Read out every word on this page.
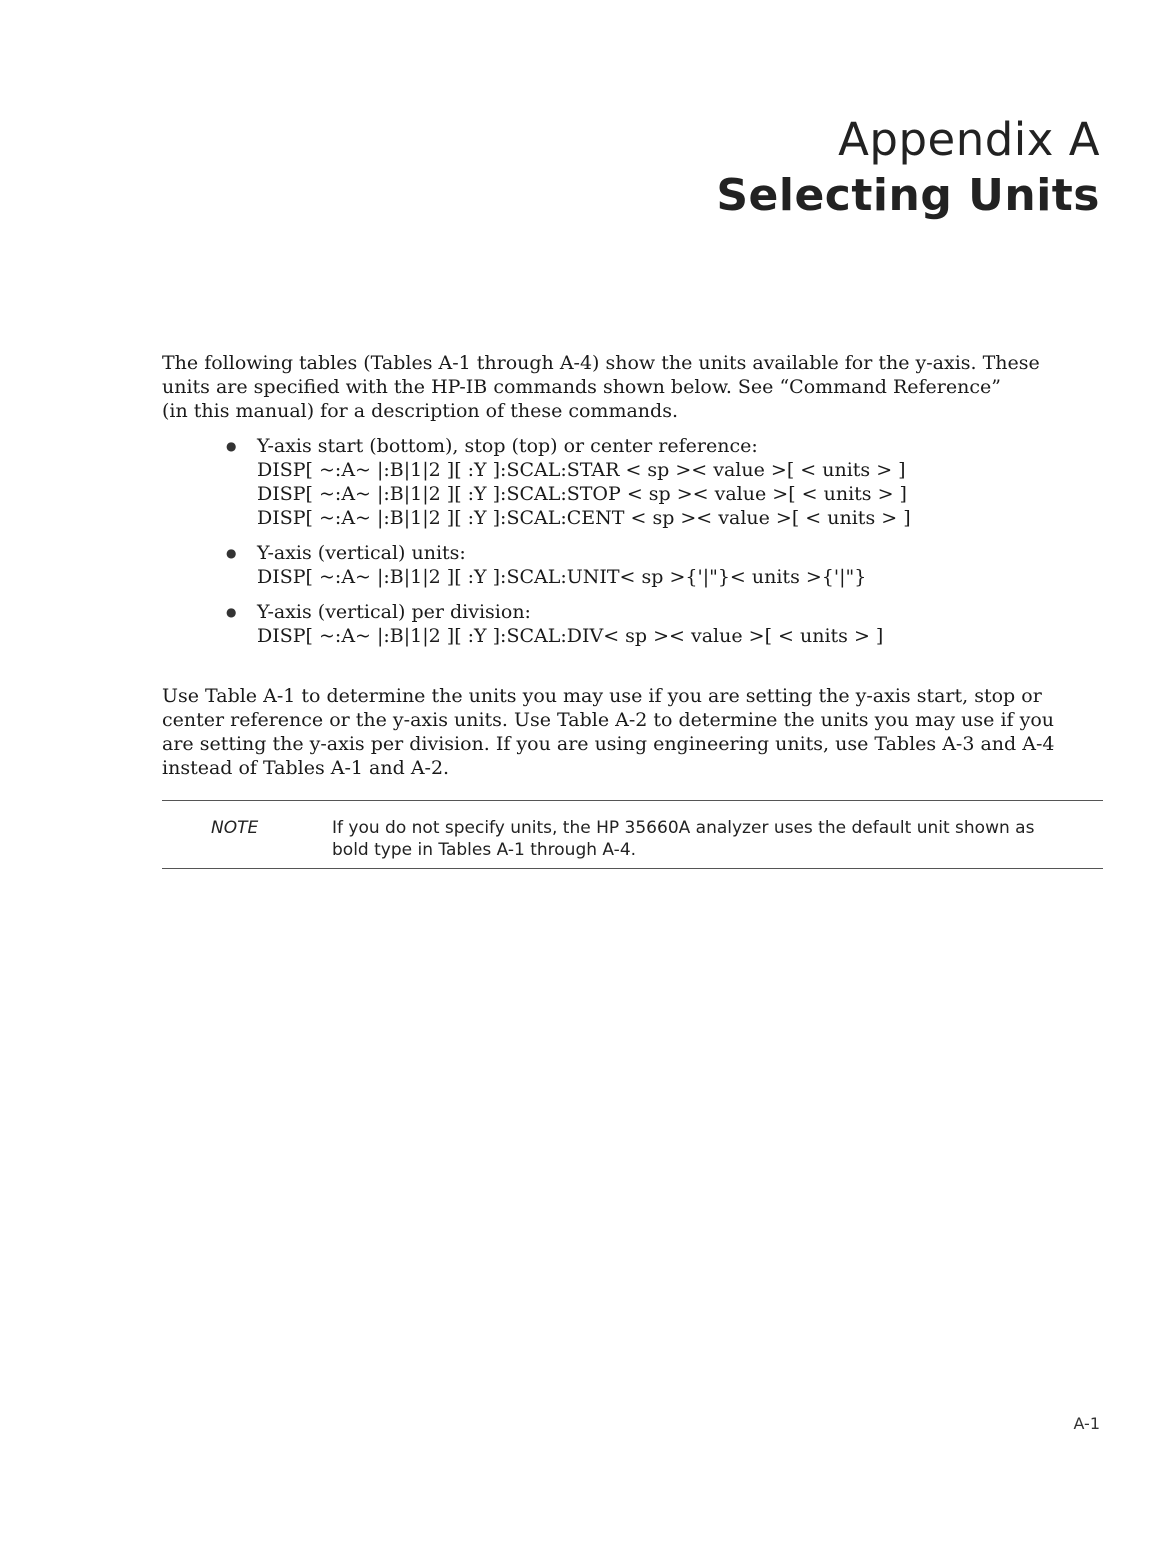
Appendix A
Selecting Units
The following tables (Tables A-1 through A-4) show the units available for the y-axis. These
units are specified with the HP-IB commands shown below. See “Command Reference”
(in this manual) for a description of these commands.
● Y-axis start (bottom), stop (top) or center reference:
DISP[ ~:A~ |:B|1|2 ][ :Y ]:SCAL:STAR < sp >< value >[ < units > ]
DISP[ ~:A~ |:B|1|2 ][ :Y ]:SCAL:STOP < sp >< value >[ < units > ]
DISP[ ~:A~ |:B|1|2 ][ :Y ]:SCAL:CENT < sp >< value >[ < units > ]
● Y-axis (vertical) units:
DISP[ ~:A~ |:B|1|2 ][ :Y ]:SCAL:UNIT< sp >{'|"}< units >{'|"}
● Y-axis (vertical) per division:
DISP[ ~:A~ |:B|1|2 ][ :Y ]:SCAL:DIV< sp >< value >[ < units > ]
Use Table A-1 to determine the units you may use if you are setting the y-axis start, stop or
center reference or the y-axis units. Use Table A-2 to determine the units you may use if you
are setting the y-axis per division. If you are using engineering units, use Tables A-3 and A-4
instead of Tables A-1 and A-2.
NOTE	If you do not specify units, the HP 35660A analyzer uses the default unit shown as
bold type in Tables A-1 through A-4.
A-1
